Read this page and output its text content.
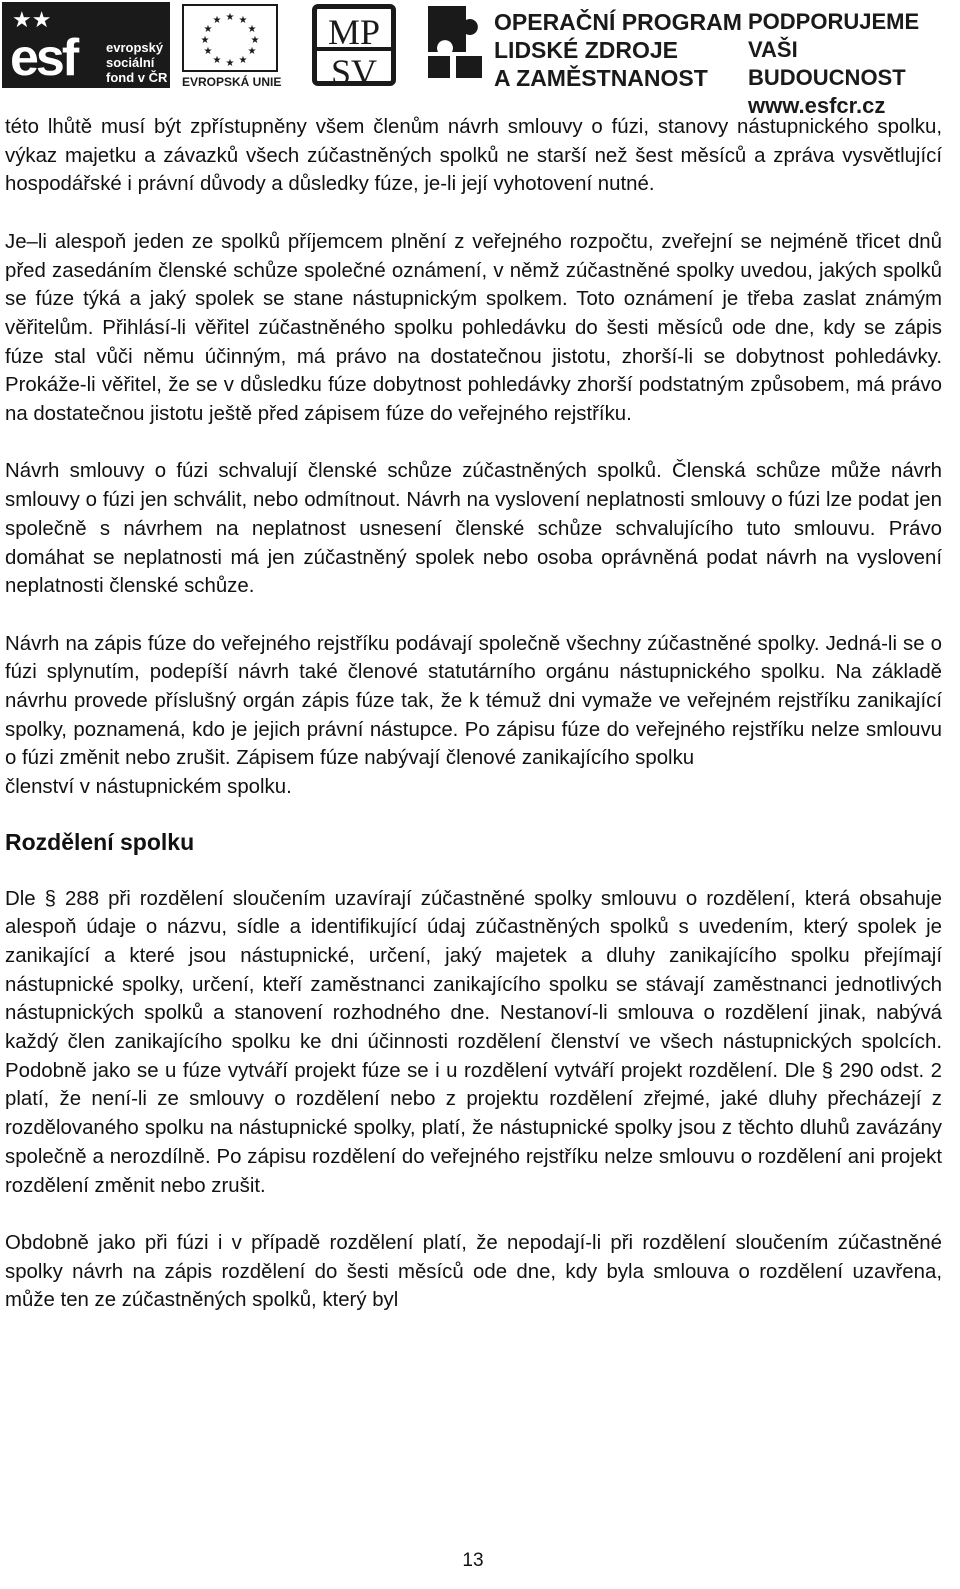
★★
esf evropský
sociální
fond v ČR
★ ★
★
★
★
★
★
★
★
★
★
★
EVROPSKÁ UNIE
MP
SV
OPERAČNÍ PROGRAM
LIDSKÉ ZDROJE
A ZAMĚSTNANOST
PODPORUJEME
VAŠI BUDOUCNOST
www.esfcr.cz

této lhůtě musí být zpřístupněny všem členům návrh smlouvy o fúzi, stanovy nástupnického spolku, výkaz majetku a závazků všech zúčastněných spolků ne starší než šest měsíců a zpráva vysvětlující hospodářské i právní důvody a důsledky fúze, je-li její vyhotovení nutné.

Je–li alespoň jeden ze spolků příjemcem plnění z veřejného rozpočtu, zveřejní se nejméně třicet dnů před zasedáním členské schůze společné oznámení, v němž zúčastněné spolky uvedou, jakých spolků se fúze týká a jaký spolek se stane nástupnickým spolkem. Toto oznámení je třeba zaslat známým věřitelům. Přihlásí-li věřitel zúčastněného spolku pohledávku do šesti měsíců ode dne, kdy se zápis fúze stal vůči němu účinným, má právo na dostatečnou jistotu, zhorší-li se dobytnost pohledávky. Prokáže-li věřitel, že se v důsledku fúze dobytnost pohledávky zhorší podstatným způsobem, má právo na dostatečnou jistotu ještě před zápisem fúze do veřejného rejstříku.

Návrh smlouvy o fúzi schvalují členské schůze zúčastněných spolků. Členská schůze může návrh smlouvy o fúzi jen schválit, nebo odmítnout. Návrh na vyslovení neplatnosti smlouvy o fúzi lze podat jen společně s návrhem na neplatnost usnesení členské schůze schvalujícího tuto smlouvu. Právo domáhat se neplatnosti má jen zúčastněný spolek nebo osoba oprávněná podat návrh na vyslovení neplatnosti členské schůze.

Návrh na zápis fúze do veřejného rejstříku podávají společně všechny zúčastněné spolky. Jedná-li se o fúzi splynutím, podepíší návrh také členové statutárního orgánu nástupnického spolku. Na základě návrhu provede příslušný orgán zápis fúze tak, že k témuž dni vymaže ve veřejném rejstříku zanikající spolky, poznamená, kdo je jejich právní nástupce. Po zápisu fúze do veřejného rejstříku nelze smlouvu o fúzi změnit nebo zrušit. Zápisem fúze nabývají členové zanikajícího spolku
členství v nástupnickém spolku.
Rozdělení spolku

Dle § 288 při rozdělení sloučením uzavírají zúčastněné spolky smlouvu o rozdělení, která obsahuje alespoň údaje o názvu, sídle a identifikující údaj zúčastněných spolků s uvedením, který spolek je zanikající a které jsou nástupnické, určení, jaký majetek a dluhy zanikajícího spolku přejímají nástupnické spolky, určení, kteří zaměstnanci zanikajícího spolku se stávají zaměstnanci jednotlivých nástupnických spolků a stanovení rozhodného dne. Nestanoví-li smlouva o rozdělení jinak, nabývá každý člen zanikajícího spolku ke dni účinnosti rozdělení členství ve všech nástupnických spolcích. Podobně jako se u fúze vytváří projekt fúze se i u rozdělení vytváří projekt rozdělení. Dle § 290 odst. 2 platí, že není-li ze smlouvy o rozdělení nebo z projektu rozdělení zřejmé, jaké dluhy přecházejí z rozdělovaného spolku na nástupnické spolky, platí, že nástupnické spolky jsou z těchto dluhů zavázány společně a nerozdílně. Po zápisu rozdělení do veřejného rejstříku nelze smlouvu o rozdělení ani projekt rozdělení změnit nebo zrušit.

Obdobně jako při fúzi i v případě rozdělení platí, že nepodají-li při rozdělení sloučením zúčastněné spolky návrh na zápis rozdělení do šesti měsíců ode dne, kdy byla smlouva o rozdělení uzavřena, může ten ze zúčastněných spolků, který byl

13
